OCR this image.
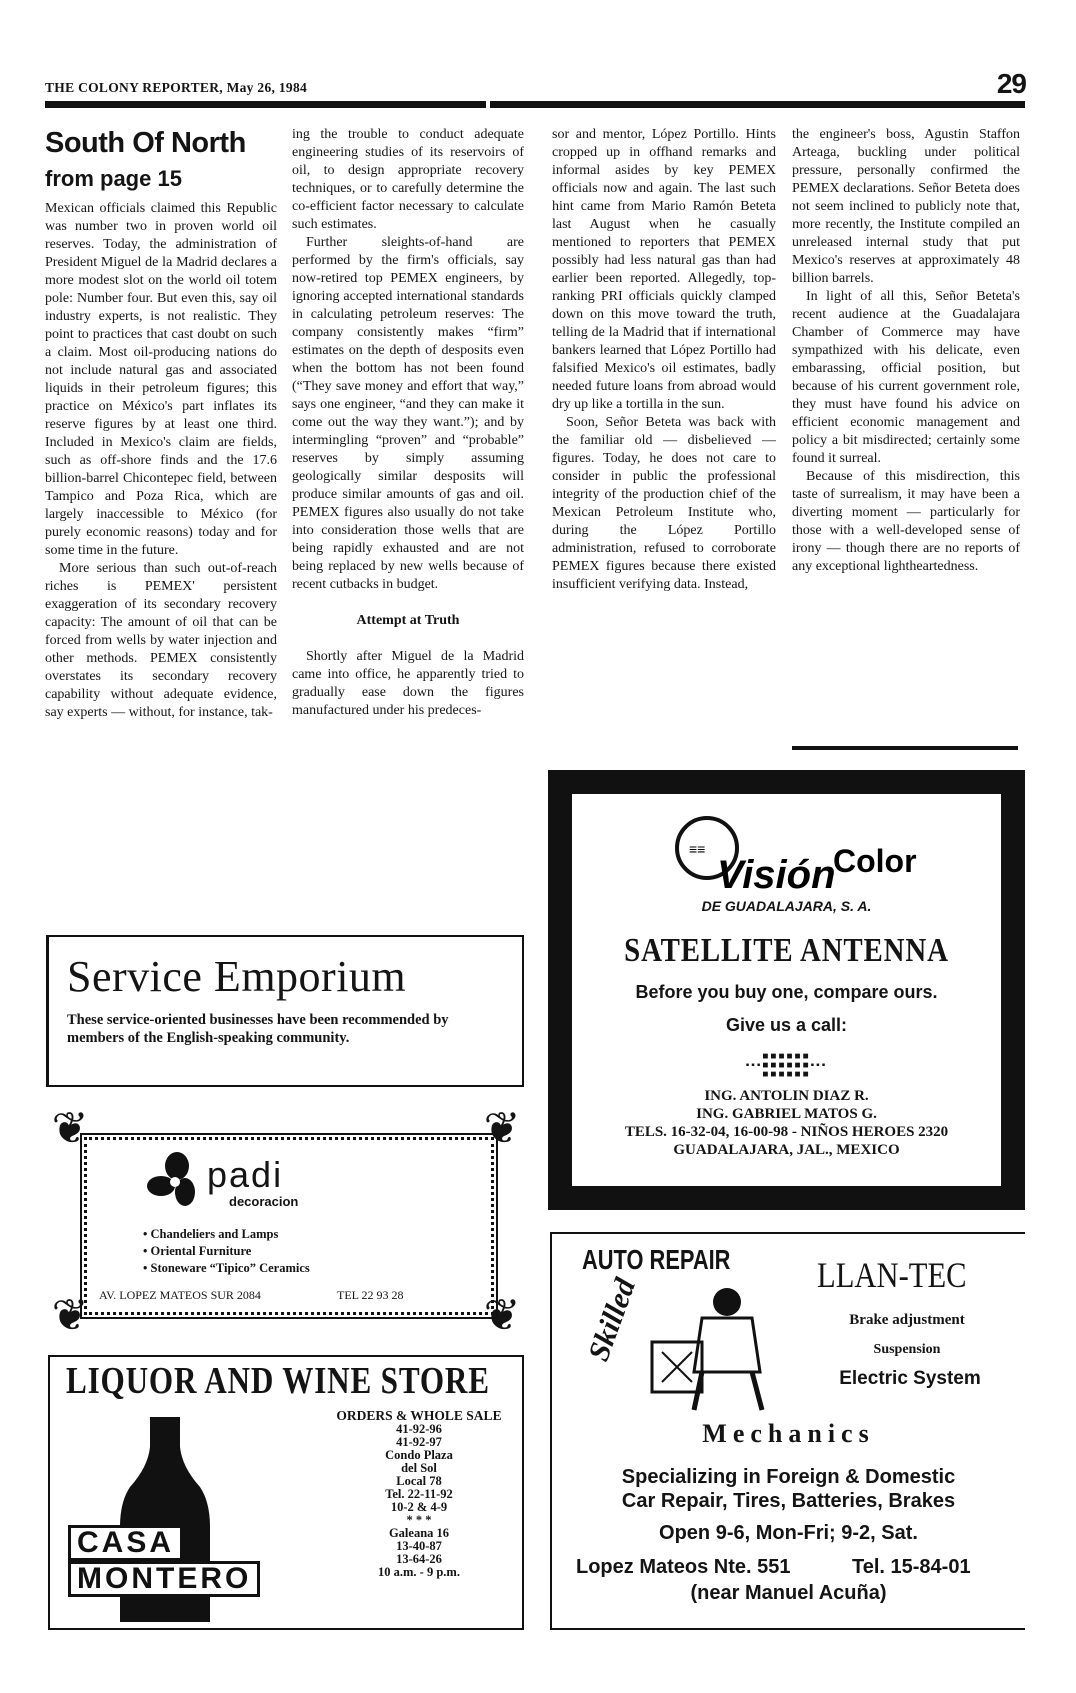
THE COLONY REPORTER, May 26, 1984	29
South Of North
from page 15

Mexican officials claimed this Republic was number two in proven world oil reserves. Today, the administration of President Miguel de la Madrid declares a more modest slot on the world oil totem pole: Number four. But even this, say oil industry experts, is not realistic. They point to practices that cast doubt on such a claim. Most oil-producing nations do not include natural gas and associated liquids in their petroleum figures; this practice on México's part inflates its reserve figures by at least one third. Included in Mexico's claim are fields, such as off-shore finds and the 17.6 billion-barrel Chicontepec field, between Tampico and Poza Rica, which are largely inaccessible to México (for purely economic reasons) today and for some time in the future.

More serious than such out-of-reach riches is PEMEX' persistent exaggeration of its secondary recovery capacity: The amount of oil that can be forced from wells by water injection and other methods. PEMEX consistently overstates its secondary recovery capability without adequate evidence, say experts — without, for instance, tak-

ing the trouble to conduct adequate engineering studies of its reservoirs of oil, to design appropriate recovery techniques, or to carefully determine the co-efficient factor necessary to calculate such estimates.

Further sleights-of-hand are performed by the firm's officials, say now-retired top PEMEX engineers, by ignoring accepted international standards in calculating petroleum reserves: The company consistently makes “firm” estimates on the depth of desposits even when the bottom has not been found (“They save money and effort that way,” says one engineer, “and they can make it come out the way they want.”); and by intermingling “proven” and “probable” reserves by simply assuming geologically similar desposits will produce similar amounts of gas and oil. PEMEX figures also usually do not take into consideration those wells that are being rapidly exhausted and are not being replaced by new wells because of recent cutbacks in budget.

Attempt at Truth

Shortly after Miguel de la Madrid came into office, he apparently tried to gradually ease down the figures manufactured under his predeces-

sor and mentor, López Portillo. Hints cropped up in offhand remarks and informal asides by key PEMEX officials now and again. The last such hint came from Mario Ramón Beteta last August when he casually mentioned to reporters that PEMEX possibly had less natural gas than had earlier been reported. Allegedly, top-ranking PRI officials quickly clamped down on this move toward the truth, telling de la Madrid that if international bankers learned that López Portillo had falsified Mexico's oil estimates, badly needed future loans from abroad would dry up like a tortilla in the sun.

Soon, Señor Beteta was back with the familiar old — disbelieved — figures. Today, he does not care to consider in public the professional integrity of the production chief of the Mexican Petroleum Institute who, during the López Portillo administration, refused to corroborate PEMEX figures because there existed insufficient verifying data. Instead,

the engineer's boss, Agustin Staffon Arteaga, buckling under political pressure, personally confirmed the PEMEX declarations. Señor Beteta does not seem inclined to publicly note that, more recently, the Institute compiled an unreleased internal study that put Mexico's reserves at approximately 48 billion barrels.

In light of all this, Señor Beteta's recent audience at the Guadalajara Chamber of Commerce may have sympathized with his delicate, even embarassing, official position, but because of his current government role, they must have found his advice on efficient economic management and policy a bit misdirected; certainly some found it surreal.

Because of this misdirection, this taste of surrealism, it may have been a diverting moment — particularly for those with a well-developed sense of irony — though there are no reports of any exceptional lightheartedness.

≡≡
Visión
Color
DE GUADALAJARA, S. A.
SATELLITE ANTENNA
Before you buy one, compare ours.
Give us a call:
■■■■■■
▪▪▪■■■■■■▪▪▪
■■■■■■
ING. ANTOLIN DIAZ R.
ING. GABRIEL MATOS G.
TELS. 16-32-04, 16-00-98 - NIÑOS HEROES 2320
GUADALAJARA, JAL., MEXICO
Service Emporium
These service-oriented businesses have been recommended by members of the English-speaking community.
❦	❦
❦	❦
padi
decoracion
• Chandeliers and Lamps
• Oriental Furniture
• Stoneware “Tipico” Ceramics
AV. LOPEZ MATEOS SUR 2084	TEL 22 93 28
LIQUOR AND WINE STORE
CASA
MONTERO
ORDERS & WHOLE SALE
41-92-96
41-92-97
Condo Plaza
del Sol
Local 78
Tel. 22-11-92
10-2 & 4-9
* * *
Galeana 16
13-40-87
13-64-26
10 a.m. - 9 p.m.
AUTO REPAIR
Skilled	LLAN-TEC
Brake adjustment
Suspension
Electric System
Mechanics
Specializing in Foreign & Domestic
Car Repair, Tires, Batteries, Brakes
Open 9-6, Mon-Fri; 9-2, Sat.
Lopez Mateos Nte. 551	Tel. 15-84-01
(near Manuel Acuña)
